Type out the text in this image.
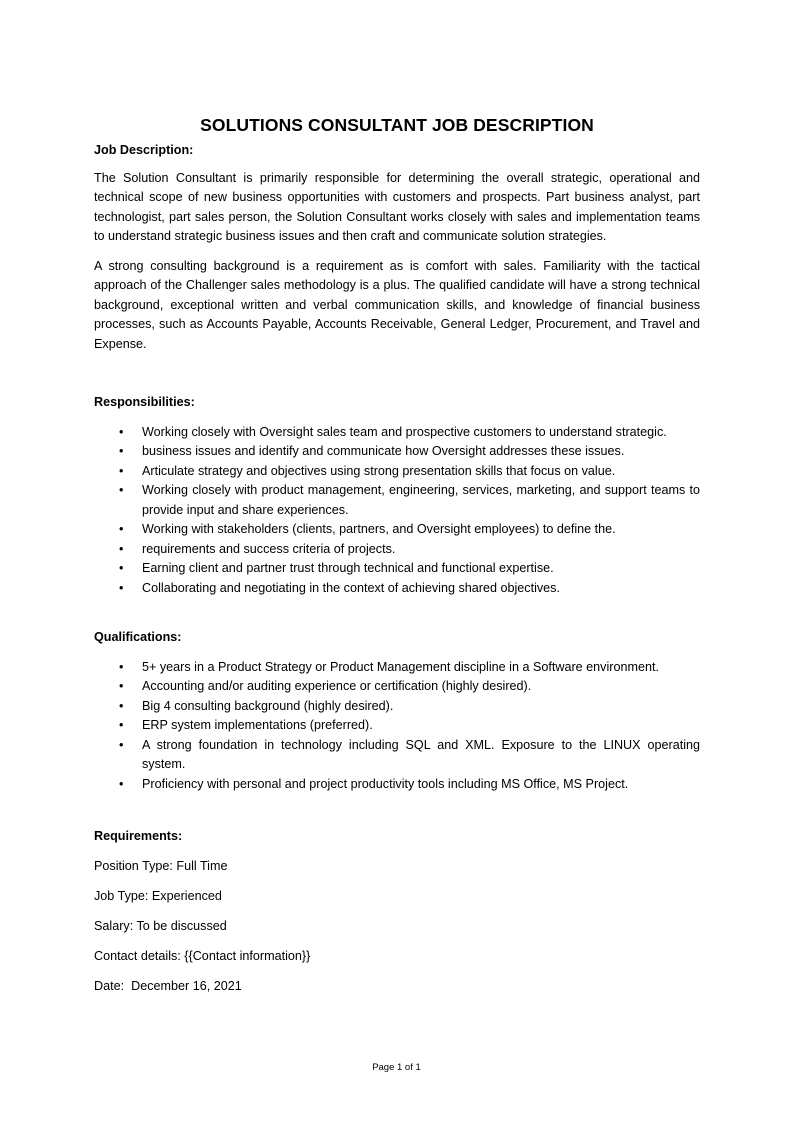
SOLUTIONS CONSULTANT JOB DESCRIPTION

Job Description:

The Solution Consultant is primarily responsible for determining the overall strategic, operational and technical scope of new business opportunities with customers and prospects. Part business analyst, part technologist, part sales person, the Solution Consultant works closely with sales and implementation teams to understand strategic business issues and then craft and communicate solution strategies.

A strong consulting background is a requirement as is comfort with sales. Familiarity with the tactical approach of the Challenger sales methodology is a plus. The qualified candidate will have a strong technical background, exceptional written and verbal communication skills, and knowledge of financial business processes, such as Accounts Payable, Accounts Receivable, General Ledger, Procurement, and Travel and Expense.

Responsibilities:

• Working closely with Oversight sales team and prospective customers to understand strategic.
• business issues and identify and communicate how Oversight addresses these issues.
• Articulate strategy and objectives using strong presentation skills that focus on value.
• Working closely with product management, engineering, services, marketing, and support teams to provide input and share experiences.
• Working with stakeholders (clients, partners, and Oversight employees) to define the.
• requirements and success criteria of projects.
• Earning client and partner trust through technical and functional expertise.
• Collaborating and negotiating in the context of achieving shared objectives.

Qualifications:

• 5+ years in a Product Strategy or Product Management discipline in a Software environment.
• Accounting and/or auditing experience or certification (highly desired).
• Big 4 consulting background (highly desired).
• ERP system implementations (preferred).
• A strong foundation in technology including SQL and XML. Exposure to the LINUX operating system.
• Proficiency with personal and project productivity tools including MS Office, MS Project.

Requirements:

Position Type: Full Time

Job Type: Experienced

Salary: To be discussed

Contact details: {{Contact information}}

Date:  December 16, 2021

Page 1 of 1
